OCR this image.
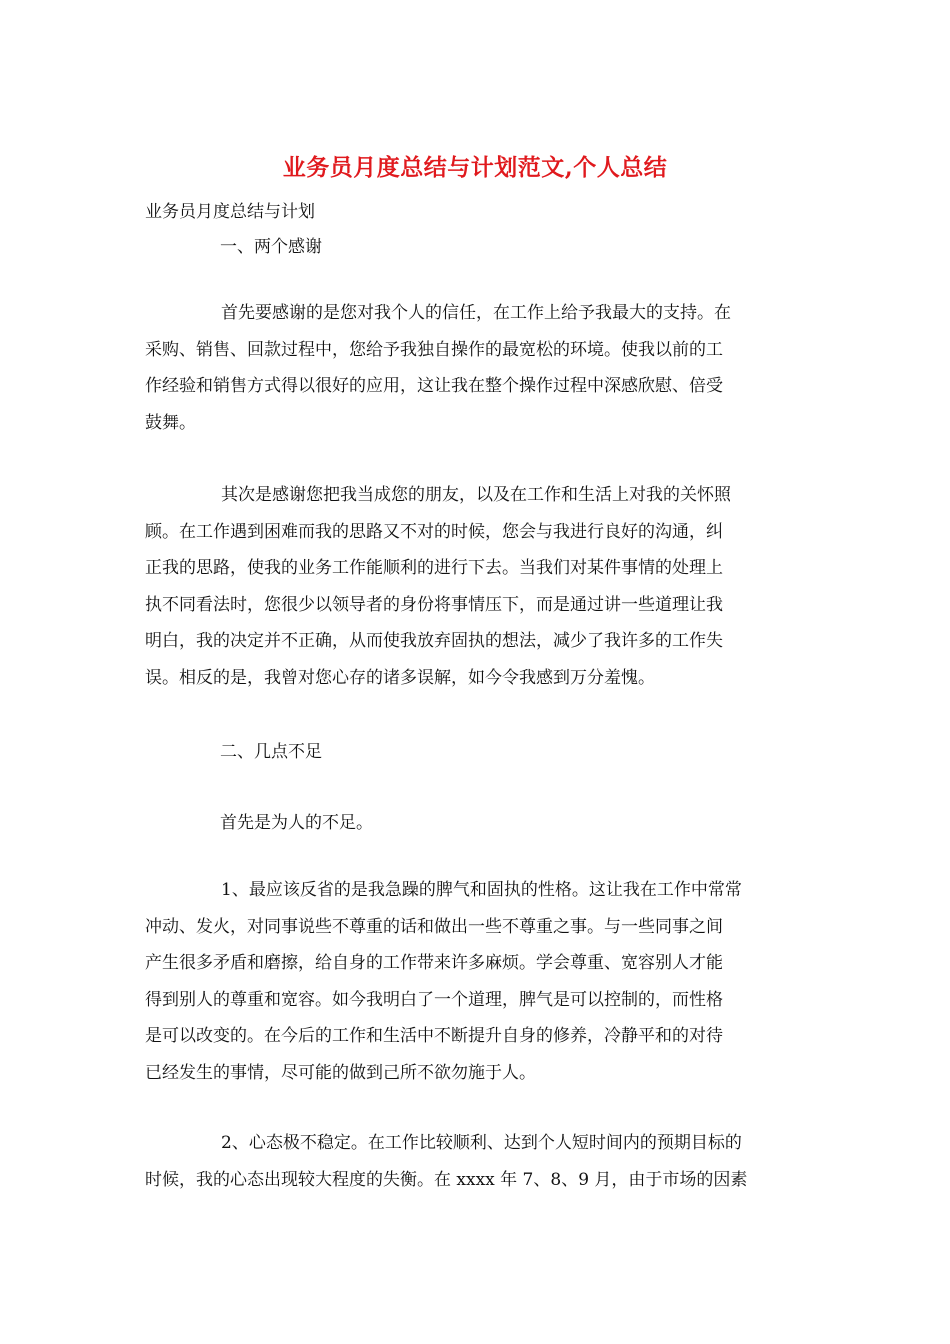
业务员月度总结与计划范文,个人总结
业务员月度总结与计划
一、两个感谢
首先要感谢的是您对我个人的信任，在工作上给予我最大的支持。在
采购、销售、回款过程中，您给予我独自操作的最宽松的环境。使我以前的工
作经验和销售方式得以很好的应用，这让我在整个操作过程中深感欣慰、倍受
鼓舞。
其次是感谢您把我当成您的朋友，以及在工作和生活上对我的关怀照
顾。在工作遇到困难而我的思路又不对的时候，您会与我进行良好的沟通，纠
正我的思路，使我的业务工作能顺利的进行下去。当我们对某件事情的处理上
执不同看法时，您很少以领导者的身份将事情压下，而是通过讲一些道理让我
明白，我的决定并不正确，从而使我放弃固执的想法，减少了我许多的工作失
误。相反的是，我曾对您心存的诸多误解，如今令我感到万分羞愧。
二、几点不足
首先是为人的不足。
1、最应该反省的是我急躁的脾气和固执的性格。这让我在工作中常常
冲动、发火，对同事说些不尊重的话和做出一些不尊重之事。与一些同事之间
产生很多矛盾和磨擦，给自身的工作带来许多麻烦。学会尊重、宽容别人才能
得到别人的尊重和宽容。如今我明白了一个道理，脾气是可以控制的，而性格
是可以改变的。在今后的工作和生活中不断提升自身的修养，冷静平和的对待
已经发生的事情，尽可能的做到己所不欲勿施于人。
2、心态极不稳定。在工作比较顺利、达到个人短时间内的预期目标的
时候，我的心态出现较大程度的失衡。在 xxxx 年 7、8、9 月，由于市场的因素
